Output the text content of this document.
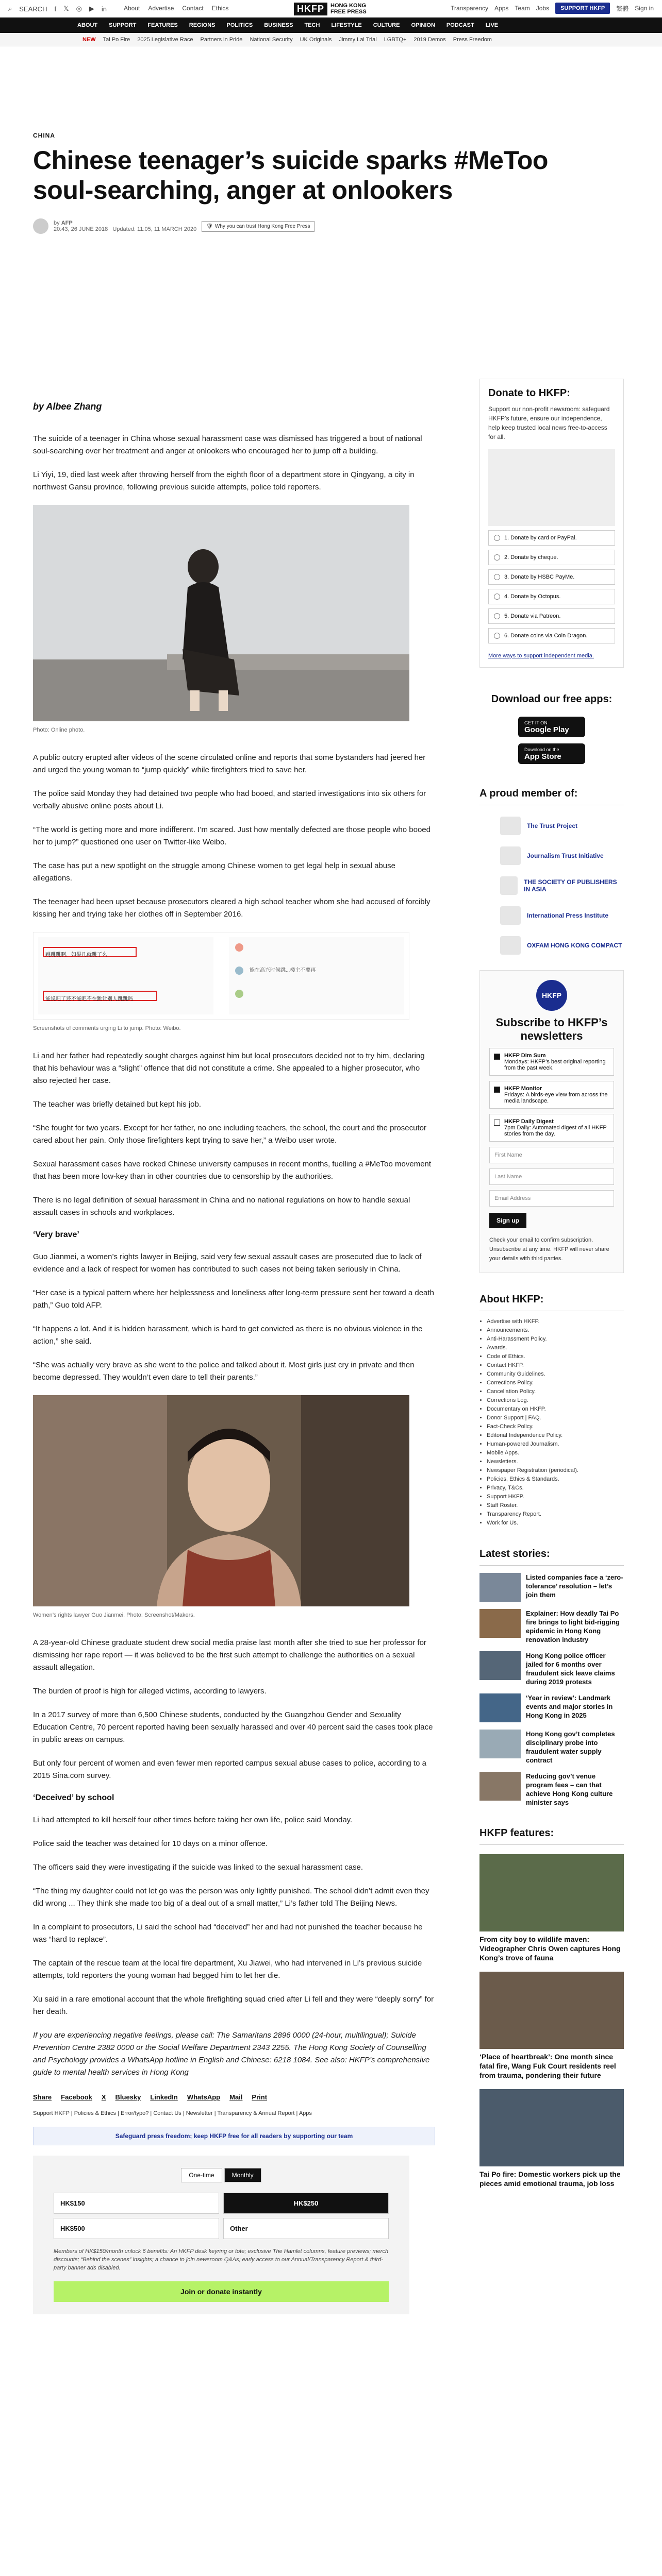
⌕ SEARCH f 𝕏 ◎ ▶ in	About Advertise Contact Ethics	HKFP	HONG KONG
FREE PRESS	Transparency Apps Team Jobs	SUPPORT HKFP	繁體 Sign in
ABOUT SUPPORT FEATURES REGIONS POLITICS BUSINESS TECH LIFESTYLE CULTURE OPINION PODCAST LIVE
NEW Tai Po Fire 2025 Legislative Race Partners in Pride National Security UK Originals Jimmy Lai Trial LGBTQ+ 2019 Demos Press Freedom
CHINA
Chinese teenager’s suicide sparks #MeToo soul-searching, anger at onlookers
by AFP
20:43, 26 JUNE 2018 Updated: 11:05, 11 MARCH 2020 🛡 Why you can trust Hong Kong Free Press
by Albee Zhang

The suicide of a teenager in China whose sexual harassment case was dismissed has triggered a bout of national soul-searching over her treatment and anger at onlookers who encouraged her to jump off a building.

Li Yiyi, 19, died last week after throwing herself from the eighth floor of a department store in Qingyang, a city in northwest Gansu province, following previous suicide attempts, police told reporters.

Photo: Online photo.

A public outcry erupted after videos of the scene circulated online and reports that some bystanders had jeered her and urged the young woman to “jump quickly” while firefighters tried to save her.

The police said Monday they had detained two people who had booed, and started investigations into six others for verbally abusive online posts about Li.

“The world is getting more and more indifferent. I’m scared. Just how mentally defected are those people who booed her to jump?” questioned one user on Twitter-like Weibo.

The case has put a new spotlight on the struggle among Chinese women to get legal help in sexual abuse allegations.

The teenager had been upset because prosecutors cleared a high school teacher whom she had accused of forcibly kissing her and trying take her clothes off in September 2016.

Screenshots of comments urging Li to jump. Photo: Weibo.

Li and her father had repeatedly sought charges against him but local prosecutors decided not to try him, declaring that his behaviour was a “slight” offence that did not constitute a crime. She appealed to a higher prosecutor, who also rejected her case.

The teacher was briefly detained but kept his job.

“She fought for two years. Except for her father, no one including teachers, the school, the court and the prosecutor cared about her pain. Only those firefighters kept trying to save her,” a Weibo user wrote.

Sexual harassment cases have rocked Chinese university campuses in recent months, fuelling a #MeToo movement that has been more low-key than in other countries due to censorship by the authorities.

There is no legal definition of sexual harassment in China and no national regulations on how to handle sexual assault cases in schools and workplaces.

‘Very brave’

Guo Jianmei, a women’s rights lawyer in Beijing, said very few sexual assault cases are prosecuted due to lack of evidence and a lack of respect for women has contributed to such cases not being taken seriously in China.

“Her case is a typical pattern where her helplessness and loneliness after long-term pressure sent her toward a death path,” Guo told AFP.

“It happens a lot. And it is hidden harassment, which is hard to get convicted as there is no obvious violence in the action,” she said.

“She was actually very brave as she went to the police and talked about it. Most girls just cry in private and then become depressed. They wouldn’t even dare to tell their parents.”

Women’s rights lawyer Guo Jianmei. Photo: Screenshot/Makers.

A 28-year-old Chinese graduate student drew social media praise last month after she tried to sue her professor for dismissing her rape report — it was believed to be the first such attempt to challenge the authorities on a sexual assault allegation.

The burden of proof is high for alleged victims, according to lawyers.

In a 2017 survey of more than 6,500 Chinese students, conducted by the Guangzhou Gender and Sexuality Education Centre, 70 percent reported having been sexually harassed and over 40 percent said the cases took place in public areas on campus.

But only four percent of women and even fewer men reported campus sexual abuse cases to police, according to a 2015 Sina.com survey.

‘Deceived’ by school

Li had attempted to kill herself four other times before taking her own life, police said Monday.

Police said the teacher was detained for 10 days on a minor offence.

The officers said they were investigating if the suicide was linked to the sexual harassment case.

“The thing my daughter could not let go was the person was only lightly punished. The school didn’t admit even they did wrong ... They think she made too big of a deal out of a small matter,” Li’s father told The Beijing News.

In a complaint to prosecutors, Li said the school had “deceived” her and had not punished the teacher because he was “hard to replace”.

The captain of the rescue team at the local fire department, Xu Jiawei, who had intervened in Li’s previous suicide attempts, told reporters the young woman had begged him to let her die.

Xu said in a rare emotional account that the whole firefighting squad cried after Li fell and they were “deeply sorry” for her death.

If you are experiencing negative feelings, please call: The Samaritans 2896 0000 (24-hour, multilingual); Suicide Prevention Centre 2382 0000 or the Social Welfare Department 2343 2255. The Hong Kong Society of Counselling and Psychology provides a WhatsApp hotline in English and Chinese: 6218 1084. See also: HKFP’s comprehensive guide to mental health services in Hong Kong

Share Facebook X Bluesky LinkedIn WhatsApp Mail Print
Support HKFP | Policies & Ethics | Error/typo? | Contact Us | Newsletter | Transparency & Annual Report | Apps
Safeguard press freedom; keep HKFP free for all readers by supporting our team
One-time	Monthly
HK$150	HK$250
HK$500	Other

Members of HK$150/month unlock 6 benefits: An HKFP desk keyring or tote; exclusive The Hamlet columns, feature previews; merch discounts; “Behind the scenes” insights; a chance to join newsroom Q&As; early access to our Annual/Transparency Report & third-party banner ads disabled.

Join or donate instantly
Donate to HKFP:

Support our non-profit newsroom: safeguard HKFP’s future, ensure our independence, help keep trusted local news free-to-access for all.

1. Donate by card or PayPal.
2. Donate by cheque.
3. Donate by HSBC PayMe.
4. Donate by Octopus.
5. Donate via Patreon.
6. Donate coins via Coin Dragon.
More ways to support independent media.
Download our free apps:
GET IT ON
Google Play
Download on the
App Store
A proud member of:
The Trust Project
Journalism Trust Initiative
THE SOCIETY OF PUBLISHERS IN ASIA
International Press Institute
OXFAM HONG KONG COMPACT
HKFP
Subscribe to HKFP’s newsletters
HKFP Dim Sum
Mondays: HKFP’s best original reporting from the past week.
HKFP Monitor
Fridays: A birds-eye view from across the media landscape.
HKFP Daily Digest
7pm Daily: Automated digest of all HKFP stories from the day.
First Name
Last Name
Email Address
Sign up

Check your email to confirm subscription. Unsubscribe at any time. HKFP will never share your details with third parties.

About HKFP:
• Advertise with HKFP.
• Announcements.
• Anti-Harassment Policy.
• Awards.
• Code of Ethics.
• Contact HKFP.
• Community Guidelines.
• Corrections Policy.
• Cancellation Policy.
• Corrections Log.
• Documentary on HKFP.
• Donor Support | FAQ.
• Fact-Check Policy.
• Editorial Independence Policy.
• Human-powered Journalism.
• Mobile Apps.
• Newsletters.
• Newspaper Registration (periodical).
• Policies, Ethics & Standards.
• Privacy, T&Cs.
• Support HKFP.
• Staff Roster.
• Transparency Report.
• Work for Us.
Latest stories:
Listed companies face a ‘zero-tolerance’ resolution – let’s join them
Explainer: How deadly Tai Po fire brings to light bid-rigging epidemic in Hong Kong renovation industry
Hong Kong police officer jailed for 6 months over fraudulent sick leave claims during 2019 protests
‘Year in review’: Landmark events and major stories in Hong Kong in 2025
Hong Kong gov’t completes disciplinary probe into fraudulent water supply contract
Reducing gov’t venue program fees – can that achieve Hong Kong culture minister says
HKFP features:
From city boy to wildlife maven: Videographer Chris Owen captures Hong Kong’s trove of fauna
‘Place of heartbreak’: One month since fatal fire, Wang Fuk Court residents reel from trauma, pondering their future
Tai Po fire: Domestic workers pick up the pieces amid emotional trauma, job loss
